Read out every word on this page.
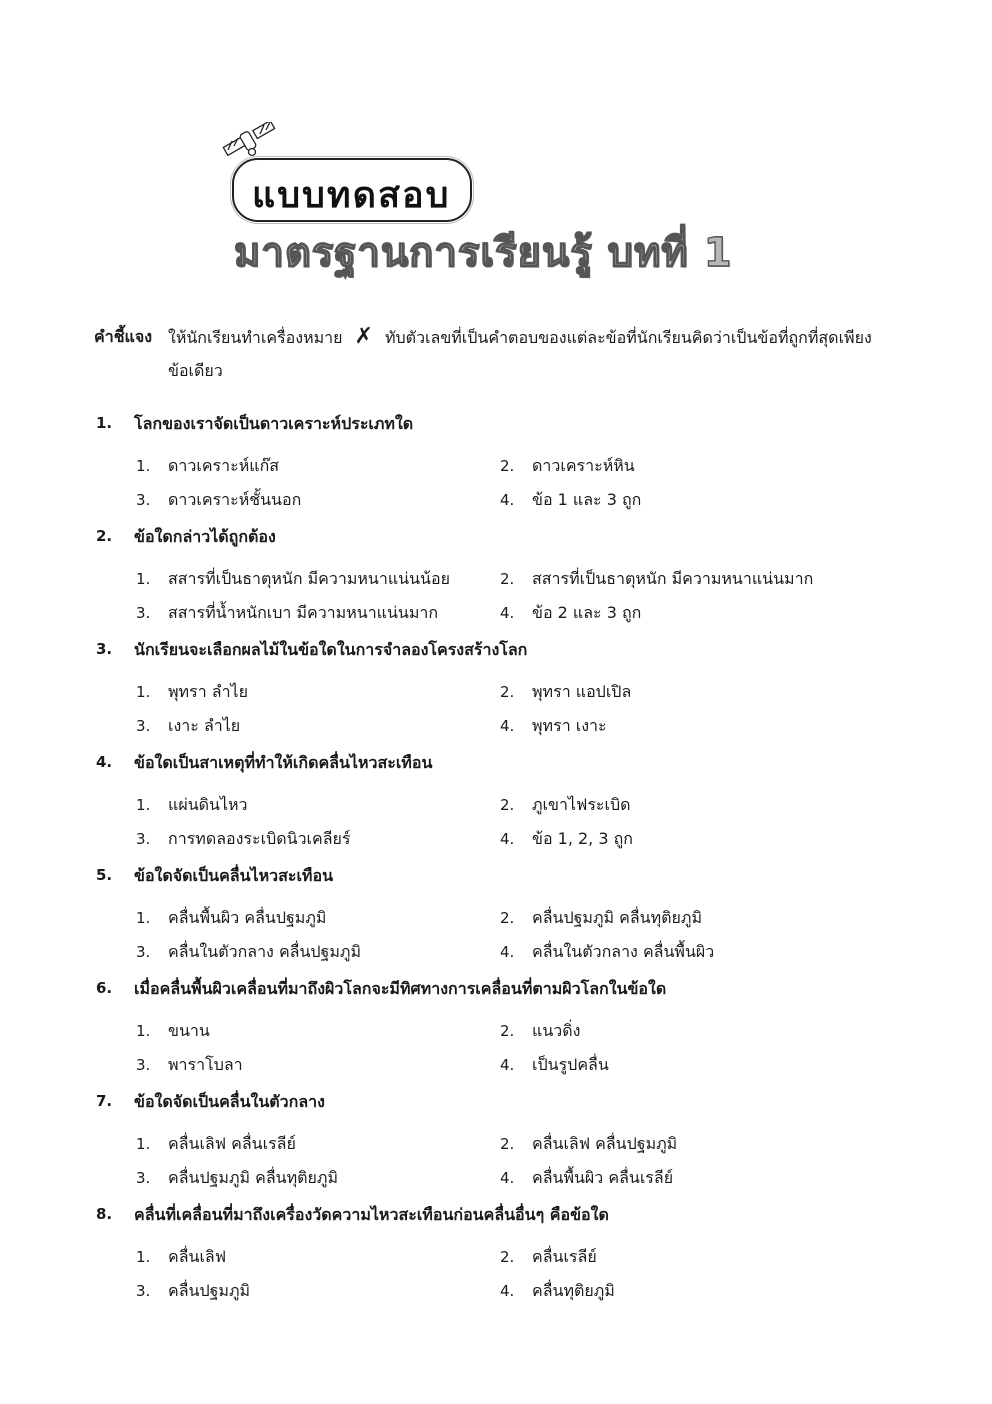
แบบทดสอบ
มาตรฐานการเรียนรู้ บทที่ 1
คำชี้แจง ให้นักเรียนทำเครื่องหมาย ✗ ทับตัวเลขที่เป็นคำตอบของแต่ละข้อที่นักเรียนคิดว่าเป็นข้อที่ถูกที่สุดเพียง
ข้อเดียว
1. โลกของเราจัดเป็นดาวเคราะห์ประเภทใด
1. ดาวเคราะห์แก๊ส	2. ดาวเคราะห์หิน
3. ดาวเคราะห์ชั้นนอก	4. ข้อ 1 และ 3 ถูก
2. ข้อใดกล่าวได้ถูกต้อง
1. สสารที่เป็นธาตุหนัก มีความหนาแน่นน้อย	2. สสารที่เป็นธาตุหนัก มีความหนาแน่นมาก
3. สสารที่น้ำหนักเบา มีความหนาแน่นมาก	4. ข้อ 2 และ 3 ถูก
3. นักเรียนจะเลือกผลไม้ในข้อใดในการจำลองโครงสร้างโลก
1. พุทรา ลำไย	2. พุทรา แอปเปิล
3. เงาะ ลำไย	4. พุทรา เงาะ
4. ข้อใดเป็นสาเหตุที่ทำให้เกิดคลื่นไหวสะเทือน
1. แผ่นดินไหว	2. ภูเขาไฟระเบิด
3. การทดลองระเบิดนิวเคลียร์	4. ข้อ 1, 2, 3 ถูก
5. ข้อใดจัดเป็นคลื่นไหวสะเทือน
1. คลื่นพื้นผิว คลื่นปฐมภูมิ	2. คลื่นปฐมภูมิ คลื่นทุติยภูมิ
3. คลื่นในตัวกลาง คลื่นปฐมภูมิ	4. คลื่นในตัวกลาง คลื่นพื้นผิว
6. เมื่อคลื่นพื้นผิวเคลื่อนที่มาถึงผิวโลกจะมีทิศทางการเคลื่อนที่ตามผิวโลกในข้อใด
1. ขนาน	2. แนวดิ่ง
3. พาราโบลา	4. เป็นรูปคลื่น
7. ข้อใดจัดเป็นคลื่นในตัวกลาง
1. คลื่นเลิฟ คลื่นเรลีย์	2. คลื่นเลิฟ คลื่นปฐมภูมิ
3. คลื่นปฐมภูมิ คลื่นทุติยภูมิ	4. คลื่นพื้นผิว คลื่นเรลีย์
8. คลื่นที่เคลื่อนที่มาถึงเครื่องวัดความไหวสะเทือนก่อนคลื่นอื่นๆ คือข้อใด
1. คลื่นเลิฟ	2. คลื่นเรลีย์
3. คลื่นปฐมภูมิ	4. คลื่นทุติยภูมิ
